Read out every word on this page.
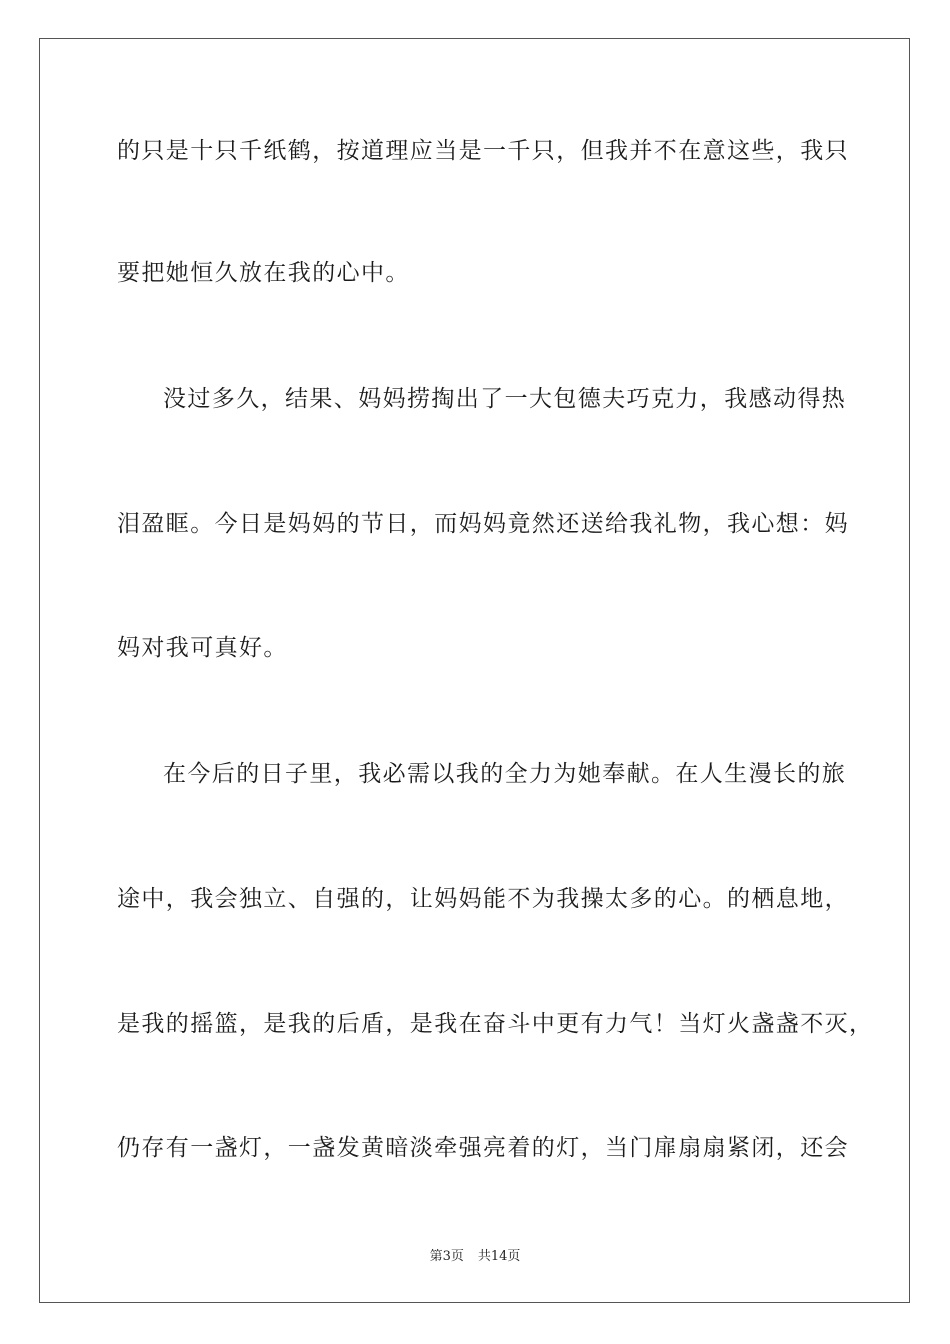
的只是十只千纸鹤，按道理应当是一千只，但我并不在意这些，我只
要把她恒久放在我的心中。
没过多久，结果、妈妈捞掏出了一大包德夫巧克力，我感动得热
泪盈眶。今日是妈妈的节日，而妈妈竟然还送给我礼物，我心想：妈
妈对我可真好。
在今后的日子里，我必需以我的全力为她奉献。在人生漫长的旅
途中，我会独立、自强的，让妈妈能不为我操太多的心。的栖息地，
是我的摇篮，是我的后盾，是我在奋斗中更有力气！当灯火盏盏不灭，
仍存有一盏灯，一盏发黄暗淡牵强亮着的灯，当门扉扇扇紧闭，还会
第3页 共14页
